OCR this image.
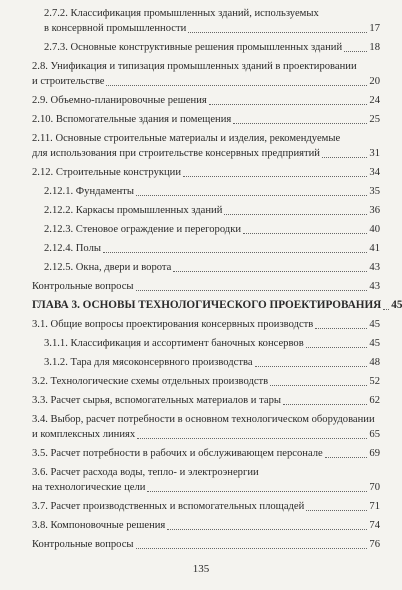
2.7.2. Классификация промышленных зданий, используемых
в консервной промышленности	17
2.7.3. Основные конструктивные решения промышленных зданий	18
2.8. Унификация и типизация промышленных зданий в проектировании
и строительстве	20
2.9. Объемно-планировочные решения	24
2.10. Вспомогательные здания и помещения	25
2.11. Основные строительные материалы и изделия, рекомендуемые
для использования при строительстве консервных предприятий	31
2.12. Строительные конструкции	34
2.12.1. Фундаменты	35
2.12.2. Каркасы промышленных зданий	36
2.12.3. Стеновое ограждение и перегородки	40
2.12.4. Полы	41
2.12.5. Окна, двери и ворота	43
Контрольные вопросы	43
ГЛАВА 3. ОСНОВЫ ТЕХНОЛОГИЧЕСКОГО ПРОЕКТИРОВАНИЯ 45
3.1. Общие вопросы проектирования консервных производств	45
3.1.1. Классификация и ассортимент баночных консервов	45
3.1.2. Тара для мясоконсервного производства	48
3.2. Технологические схемы отдельных производств	52
3.3. Расчет сырья, вспомогательных материалов и тары	62
3.4. Выбор, расчет потребности в основном технологическом оборудовании
и комплексных линиях	65
3.5. Расчет потребности в рабочих и обслуживающем персонале	69
3.6. Расчет расхода воды, тепло- и электроэнергии
на технологические цели	70
3.7. Расчет производственных и вспомогательных площадей	71
3.8. Компоновочные решения	74
Контрольные вопросы	76
135
